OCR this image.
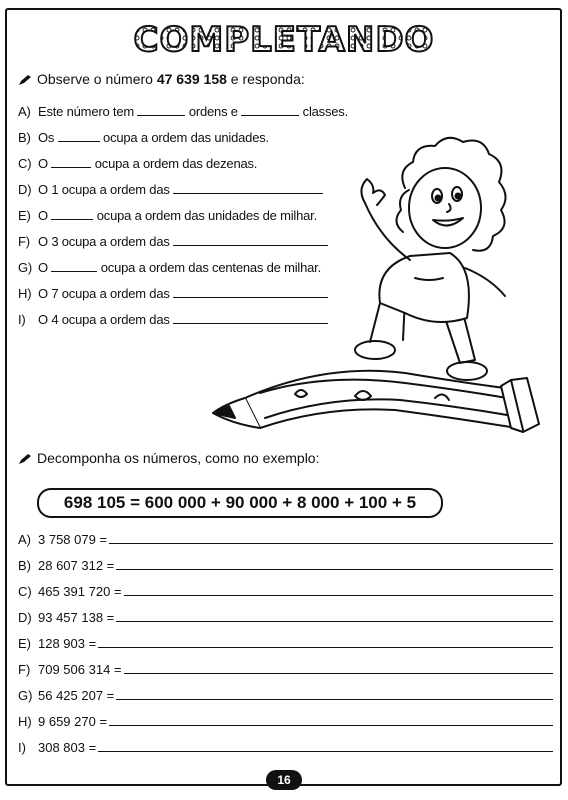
COMPLETANDO
Observe o número 47 639 158 e responda:
A) Este número tem	ordens e	classes.
B) Os	ocupa a ordem das unidades.
C) O	ocupa a ordem das dezenas.
D) O 1 ocupa a ordem das
E) O	ocupa a ordem das unidades de milhar.
F) O 3 ocupa a ordem das
G) O	ocupa a ordem das centenas de milhar.
H) O 7 ocupa a ordem das
I) O 4 ocupa a ordem das
Decomponha os números, como no exemplo:
698 105 = 600 000 + 90 000 + 8 000 + 100 + 5
A) 3 758 079 =
B) 28 607 312 =
C) 465 391 720 =
D) 93 457 138 =
E) 128 903 =
F) 709 506 314 =
G) 56 425 207 =
H) 9 659 270 =
I) 308 803 =
16
